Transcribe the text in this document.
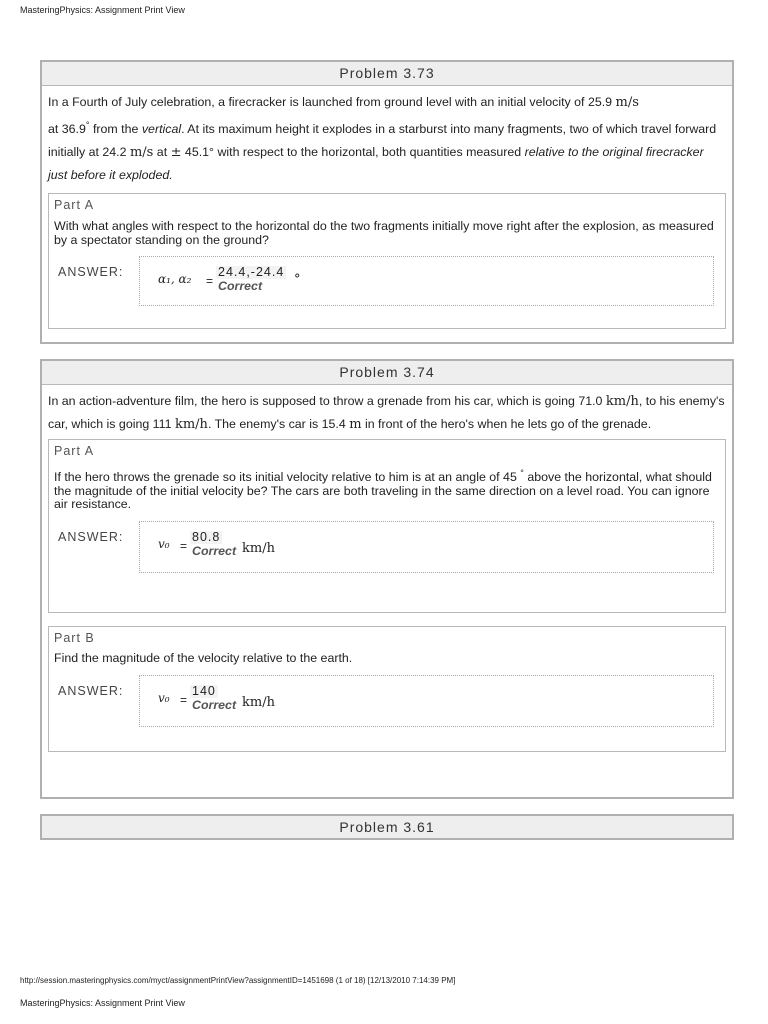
MasteringPhysics: Assignment Print View
Problem 3.73
In a Fourth of July celebration, a firecracker is launched from ground level with an initial velocity of 25.9 m/s
at 36.9° from the vertical. At its maximum height it explodes in a starburst into many fragments, two of which travel forward initially at 24.2 m/s at ± 45.1° with respect to the horizontal, both quantities measured relative to the original firecracker just before it exploded.
Part A
With what angles with respect to the horizontal do the two fragments initially move right after the explosion, as measured by a spectator standing on the ground?
ANSWER:	α₁, α₂ =
24.4,-24.4
Correct °
Problem 3.74
In an action-adventure film, the hero is supposed to throw a grenade from his car, which is going 71.0 km/h, to his enemy's car, which is going 111 km/h. The enemy's car is 15.4 m in front of the hero's when he lets go of the grenade.
Part A
If the hero throws the grenade so its initial velocity relative to him is at an angle of 45 ° above the horizontal, what should the magnitude of the initial velocity be? The cars are both traveling in the same direction on a level road. You can ignore air resistance.
ANSWER:	v₀ =
80.8
Correct km/h
Part B
Find the magnitude of the velocity relative to the earth.
ANSWER:	v₀ =
140
Correct km/h
Problem 3.61
http://session.masteringphysics.com/myct/assignmentPrintView?assignmentID=1451698 (1 of 18) [12/13/2010 7:14:39 PM]
MasteringPhysics: Assignment Print View
